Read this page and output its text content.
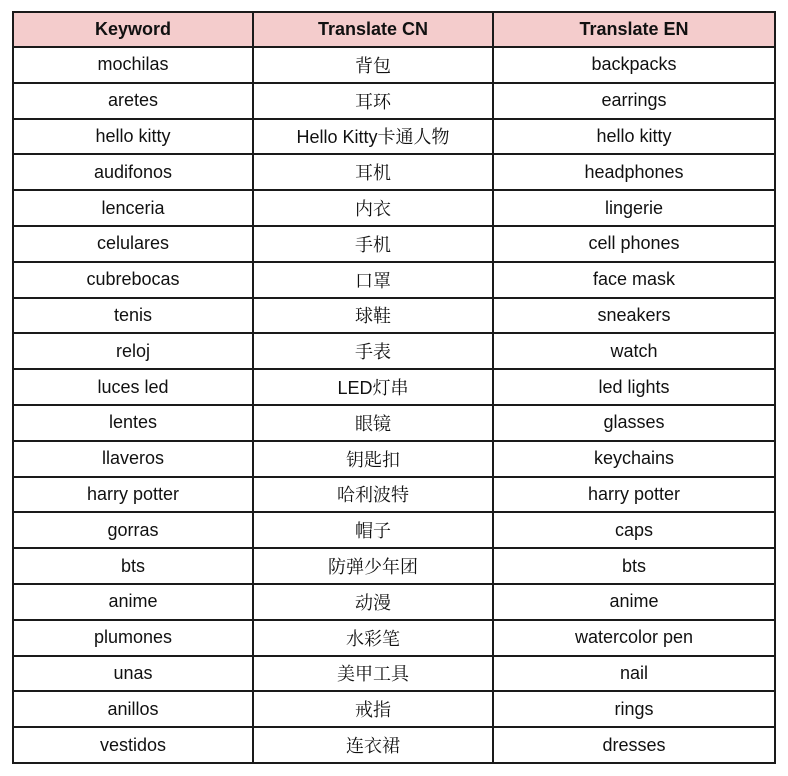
Keyword	Translate CN	Translate EN
mochilas	背包	backpacks
aretes	耳环	earrings
hello kitty	Hello Kitty卡通人物	hello kitty
audifonos	耳机	headphones
lenceria	内衣	lingerie
celulares	手机	cell phones
cubrebocas	口罩	face mask
tenis	球鞋	sneakers
reloj	手表	watch
luces led	LED灯串	led lights
lentes	眼镜	glasses
llaveros	钥匙扣	keychains
harry potter	哈利波特	harry potter
gorras	帽子	caps
bts	防弹少年团	bts
anime	动漫	anime
plumones	水彩笔	watercolor pen
unas	美甲工具	nail
anillos	戒指	rings
vestidos	连衣裙	dresses
